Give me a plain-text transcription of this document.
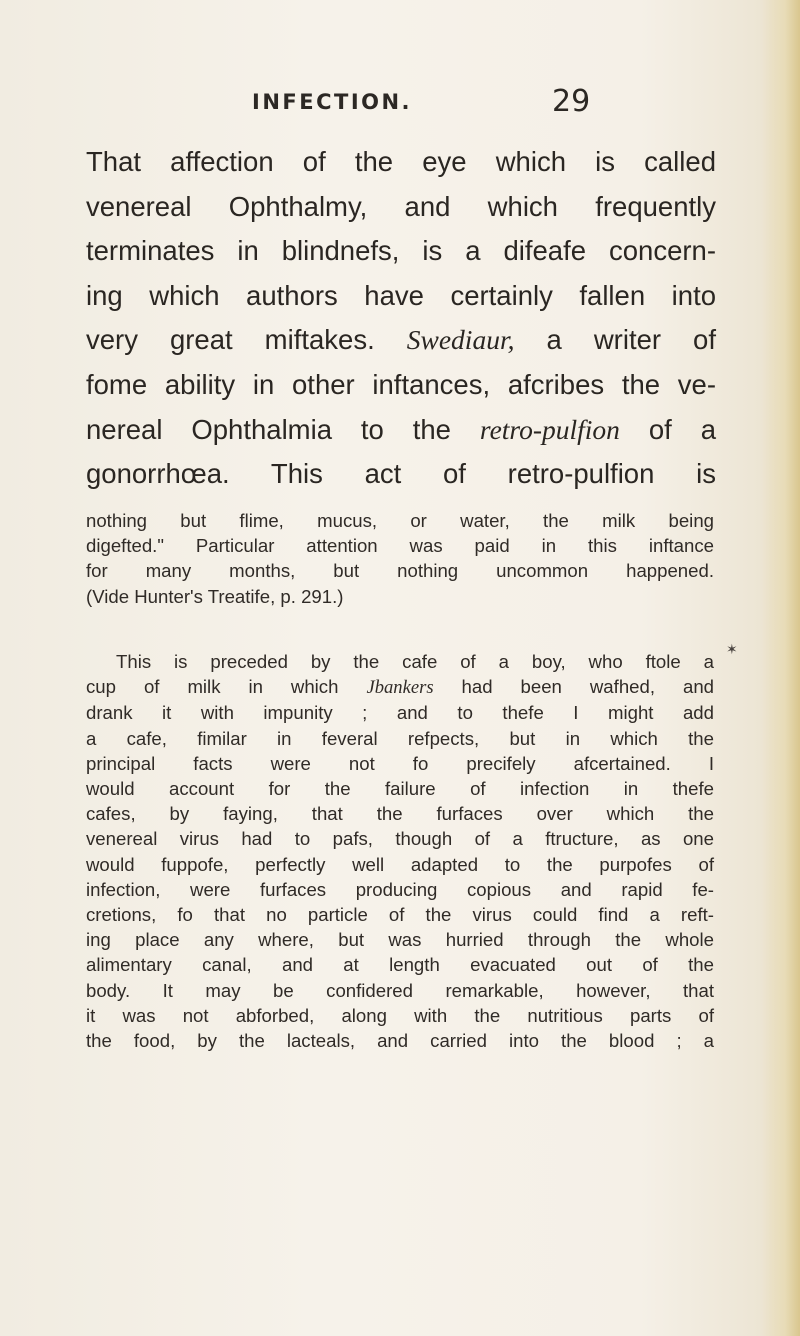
INFECTION.	29
That affection of the eye which is called
venereal Ophthalmy, and which frequently
terminates in blindnefs, is a difeafe concern-
ing which authors have certainly fallen into
very great miftakes. Swediaur, a writer of
fome ability in other inftances, afcribes the ve-
nereal Ophthalmia to the retro-pulfion of a
gonorrhœa. This act of retro-pulfion is
nothing but flime, mucus, or water, the milk being
digefted." Particular attention was paid in this inftance
for many months, but nothing uncommon happened.
(Vide Hunter's Treatife, p. 291.)
This is preceded by the cafe of a boy, who ftole a
cup of milk in which Jbankers had been wafhed, and
drank it with impunity ; and to thefe I might add
a cafe, fimilar in feveral refpects, but in which the
principal facts were not fo precifely afcertained. I
would account for the failure of infection in thefe
cafes, by faying, that the furfaces over which the
venereal virus had to pafs, though of a ftructure, as one
would fuppofe, perfectly well adapted to the purpofes of
infection, were furfaces producing copious and rapid fe-
cretions, fo that no particle of the virus could find a reft-
ing place any where, but was hurried through the whole
alimentary canal, and at length evacuated out of the
body. It may be confidered remarkable, however, that
it was not abforbed, along with the nutritious parts of
the food, by the lacteals, and carried into the blood ; a
✶
